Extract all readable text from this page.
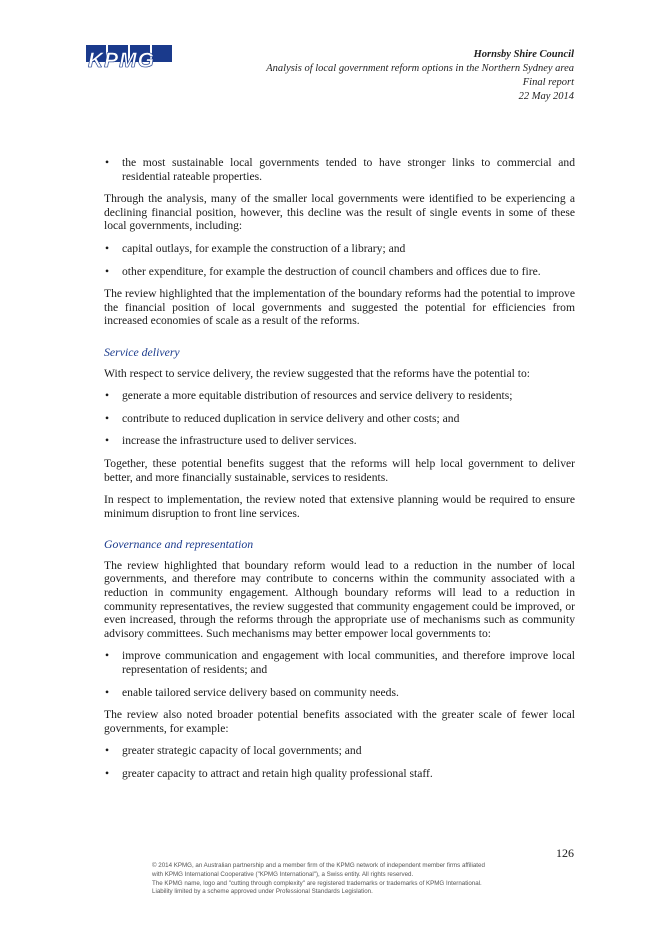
KPMG	Hornsby Shire Council
Analysis of local government reform options in the Northern Sydney area
Final report
22 May 2014
• the most sustainable local governments tended to have stronger links to commercial and residential rateable properties.

Through the analysis, many of the smaller local governments were identified to be experiencing a declining financial position, however, this decline was the result of single events in some of these local governments, including:

• capital outlays, for example the construction of a library; and
• other expenditure, for example the destruction of council chambers and offices due to fire.

The review highlighted that the implementation of the boundary reforms had the potential to improve the financial position of local governments and suggested the potential for efficiencies from increased economies of scale as a result of the reforms.

Service delivery

With respect to service delivery, the review suggested that the reforms have the potential to:

• generate a more equitable distribution of resources and service delivery to residents;
• contribute to reduced duplication in service delivery and other costs; and
• increase the infrastructure used to deliver services.

Together, these potential benefits suggest that the reforms will help local government to deliver better, and more financially sustainable, services to residents.

In respect to implementation, the review noted that extensive planning would be required to ensure minimum disruption to front line services.

Governance and representation

The review highlighted that boundary reform would lead to a reduction in the number of local governments, and therefore may contribute to concerns within the community associated with a reduction in community engagement. Although boundary reforms will lead to a reduction in community representatives, the review suggested that community engagement could be improved, or even increased, through the reforms through the appropriate use of mechanisms such as community advisory committees. Such mechanisms may better empower local governments to:

• improve communication and engagement with local communities, and therefore improve local representation of residents; and
• enable tailored service delivery based on community needs.

The review also noted broader potential benefits associated with the greater scale of fewer local governments, for example:

• greater strategic capacity of local governments; and
• greater capacity to attract and retain high quality professional staff.
126

© 2014 KPMG, an Australian partnership and a member firm of the KPMG network of independent member firms affiliated

with KPMG International Cooperative ("KPMG International"), a Swiss entity. All rights reserved.

The KPMG name, logo and "cutting through complexity" are registered trademarks or trademarks of KPMG International.

Liability limited by a scheme approved under Professional Standards Legislation.
